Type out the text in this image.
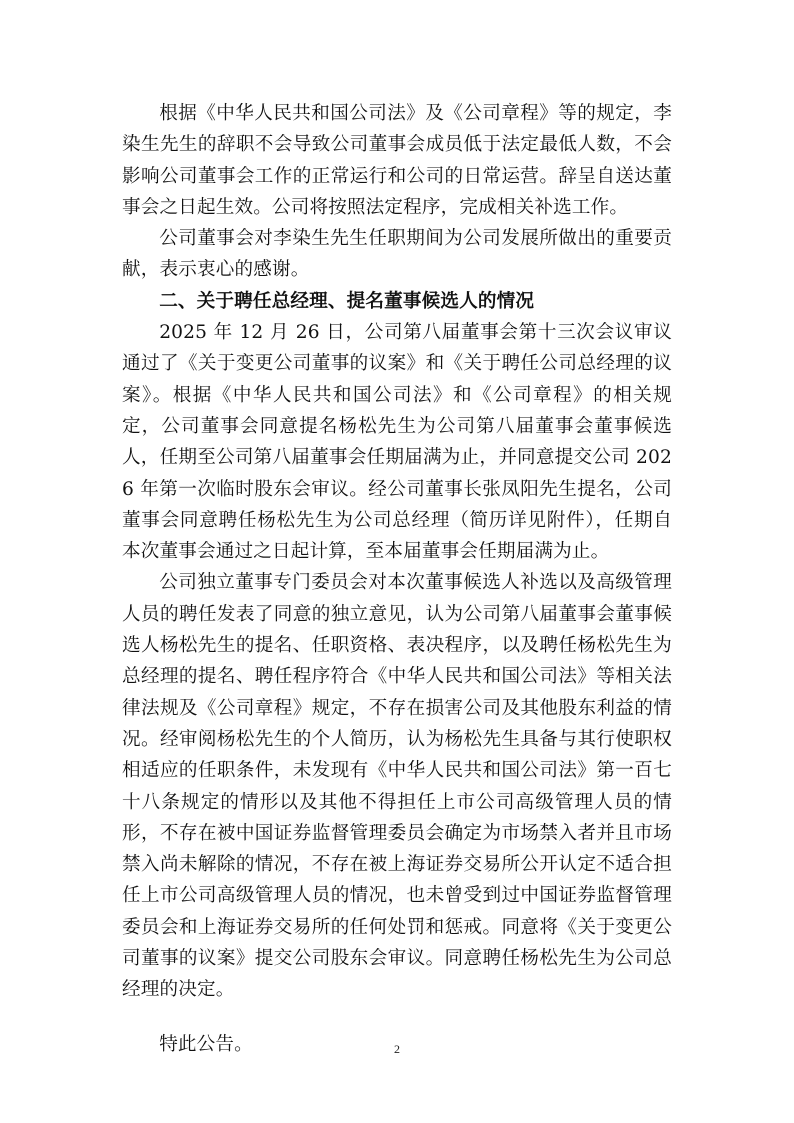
根据《中华人民共和国公司法》及《公司章程》等的规定，李染生先生的辞职不会导致公司董事会成员低于法定最低人数，不会影响公司董事会工作的正常运行和公司的日常运营。辞呈自送达董事会之日起生效。公司将按照法定程序，完成相关补选工作。

公司董事会对李染生先生任职期间为公司发展所做出的重要贡献，表示衷心的感谢。

二、关于聘任总经理、提名董事候选人的情况

2025 年 12 月 26 日，公司第八届董事会第十三次会议审议通过了《关于变更公司董事的议案》和《关于聘任公司总经理的议案》。根据《中华人民共和国公司法》和《公司章程》的相关规定，公司董事会同意提名杨松先生为公司第八届董事会董事候选人，任期至公司第八届董事会任期届满为止，并同意提交公司 2026 年第一次临时股东会审议。经公司董事长张凤阳先生提名，公司董事会同意聘任杨松先生为公司总经理（简历详见附件），任期自本次董事会通过之日起计算，至本届董事会任期届满为止。

公司独立董事专门委员会对本次董事候选人补选以及高级管理人员的聘任发表了同意的独立意见，认为公司第八届董事会董事候选人杨松先生的提名、任职资格、表决程序，以及聘任杨松先生为总经理的提名、聘任程序符合《中华人民共和国公司法》等相关法律法规及《公司章程》规定，不存在损害公司及其他股东利益的情况。经审阅杨松先生的个人简历，认为杨松先生具备与其行使职权相适应的任职条件，未发现有《中华人民共和国公司法》第一百七十八条规定的情形以及其他不得担任上市公司高级管理人员的情形，不存在被中国证券监督管理委员会确定为市场禁入者并且市场禁入尚未解除的情况，不存在被上海证券交易所公开认定不适合担任上市公司高级管理人员的情况，也未曾受到过中国证券监督管理委员会和上海证券交易所的任何处罚和惩戒。同意将《关于变更公司董事的议案》提交公司股东会审议。同意聘任杨松先生为公司总经理的决定。

特此公告。	2
